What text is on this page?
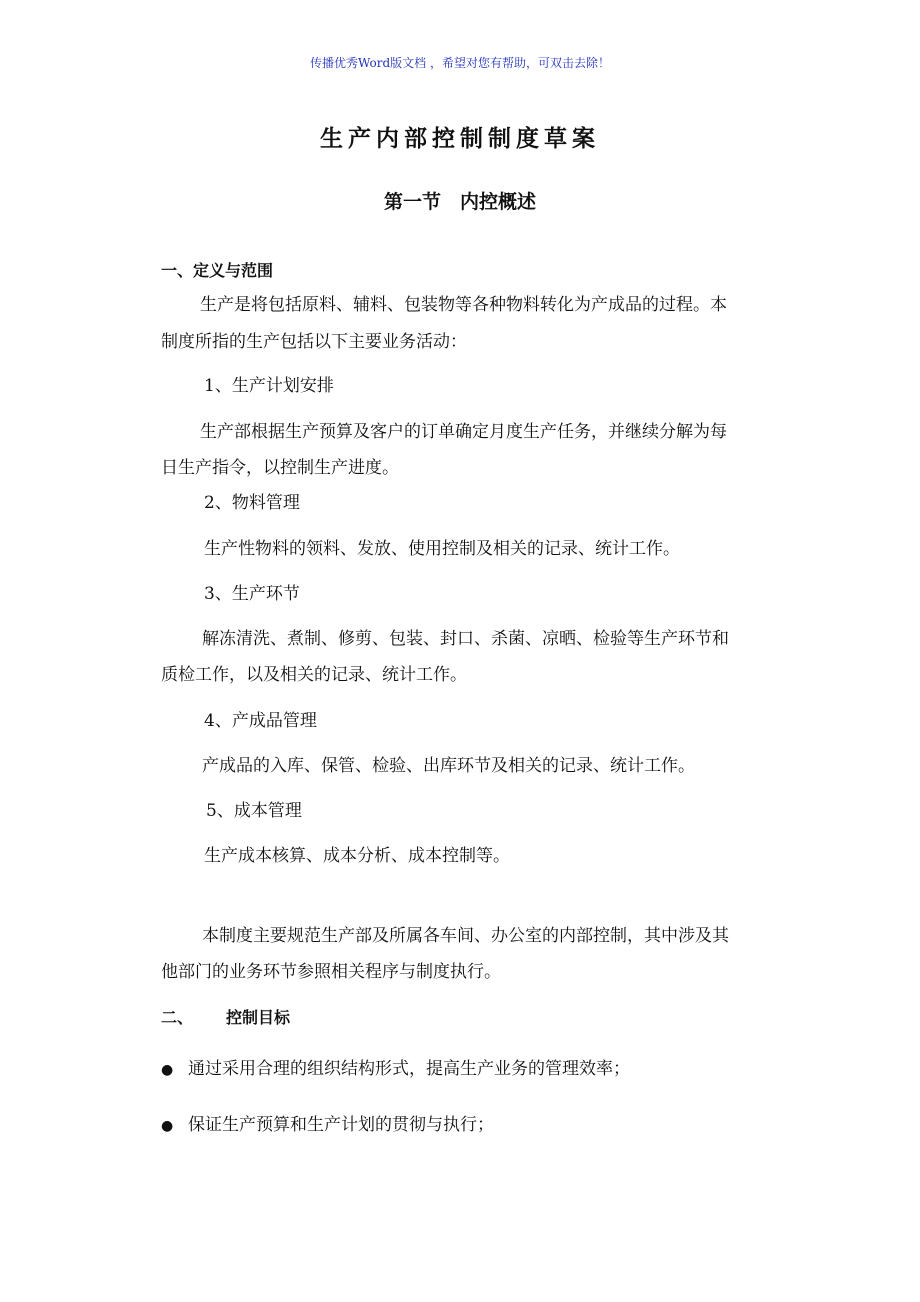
传播优秀Word版文档 ，希望对您有帮助，可双击去除！
生产内部控制制度草案
第一节　内控概述
一、定义与范围
生产是将包括原料、辅料、包装物等各种物料转化为产成品的过程。本
制度所指的生产包括以下主要业务活动：
1、生产计划安排
生产部根据生产预算及客户的订单确定月度生产任务，并继续分解为每
日生产指令，以控制生产进度。
2、物料管理
生产性物料的领料、发放、使用控制及相关的记录、统计工作。
3、生产环节
解冻清洗、煮制、修剪、包装、封口、杀菌、凉晒、检验等生产环节和
质检工作，以及相关的记录、统计工作。
4、产成品管理
产成品的入库、保管、检验、出库环节及相关的记录、统计工作。
5、成本管理
生产成本核算、成本分析、成本控制等。
本制度主要规范生产部及所属各车间、办公室的内部控制，其中涉及其
他部门的业务环节参照相关程序与制度执行。
二、 控制目标
● 通过采用合理的组织结构形式，提高生产业务的管理效率；
● 保证生产预算和生产计划的贯彻与执行；
